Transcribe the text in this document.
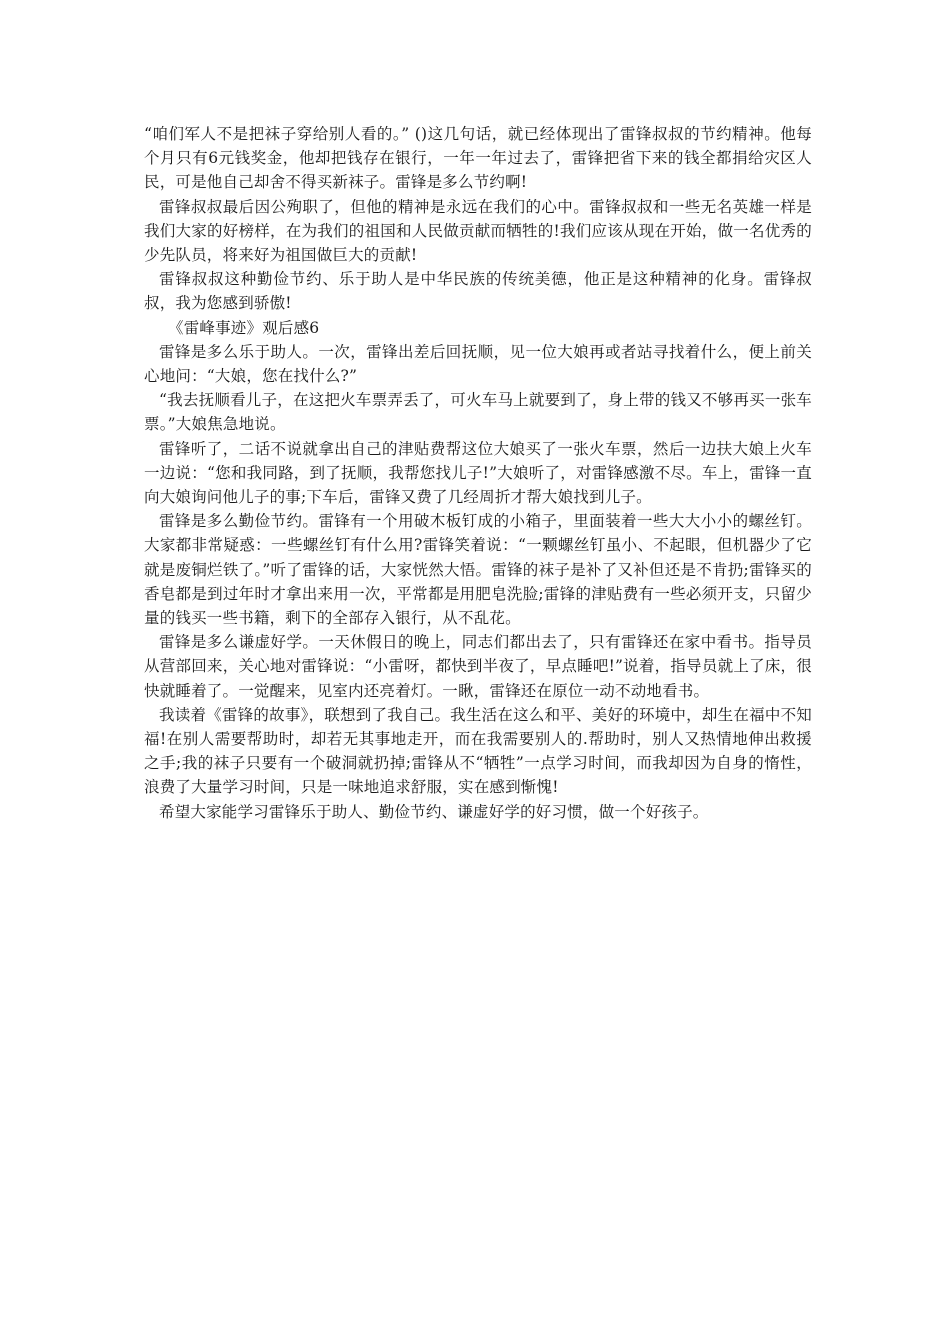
“咱们军人不是把袜子穿给别人看的。” ()这几句话，就已经体现出了雷锋叔叔的节约精神。他每个月只有6元钱奖金，他却把钱存在银行，一年一年过去了，雷锋把省下来的钱全都捐给灾区人民，可是他自己却舍不得买新袜子。雷锋是多么节约啊!

雷锋叔叔最后因公殉职了，但他的精神是永远在我们的心中。雷锋叔叔和一些无名英雄一样是我们大家的好榜样，在为我们的祖国和人民做贡献而牺牲的!我们应该从现在开始，做一名优秀的少先队员，将来好为祖国做巨大的贡献!

雷锋叔叔这种勤俭节约、乐于助人是中华民族的传统美德，他正是这种精神的化身。雷锋叔叔，我为您感到骄傲!

《雷峰事迹》观后感6

雷锋是多么乐于助人。一次，雷锋出差后回抚顺，见一位大娘再或者站寻找着什么，便上前关心地问：“大娘，您在找什么?”

“我去抚顺看儿子，在这把火车票弄丢了，可火车马上就要到了，身上带的钱又不够再买一张车票。”大娘焦急地说。

雷锋听了，二话不说就拿出自己的津贴费帮这位大娘买了一张火车票，然后一边扶大娘上火车一边说：“您和我同路，到了抚顺，我帮您找儿子!”大娘听了，对雷锋感激不尽。车上，雷锋一直向大娘询问他儿子的事;下车后，雷锋又费了几经周折才帮大娘找到儿子。

雷锋是多么勤俭节约。雷锋有一个用破木板钉成的小箱子，里面装着一些大大小小的螺丝钉。大家都非常疑惑：一些螺丝钉有什么用?雷锋笑着说：“一颗螺丝钉虽小、不起眼，但机器少了它就是废铜烂铁了。”听了雷锋的话，大家恍然大悟。雷锋的袜子是补了又补但还是不肯扔;雷锋买的香皂都是到过年时才拿出来用一次，平常都是用肥皂洗脸;雷锋的津贴费有一些必须开支，只留少量的钱买一些书籍，剩下的全部存入银行，从不乱花。

雷锋是多么谦虚好学。一天休假日的晚上，同志们都出去了，只有雷锋还在家中看书。指导员从营部回来，关心地对雷锋说：“小雷呀，都快到半夜了，早点睡吧!”说着，指导员就上了床，很快就睡着了。一觉醒来，见室内还亮着灯。一瞅，雷锋还在原位一动不动地看书。

我读着《雷锋的故事》，联想到了我自己。我生活在这么和平、美好的环境中，却生在福中不知福!在别人需要帮助时，却若无其事地走开，而在我需要别人的.帮助时，别人又热情地伸出救援之手;我的袜子只要有一个破洞就扔掉;雷锋从不“牺牲”一点学习时间，而我却因为自身的惰性，浪费了大量学习时间，只是一味地追求舒服，实在感到惭愧!

希望大家能学习雷锋乐于助人、勤俭节约、谦虚好学的好习惯，做一个好孩子。
